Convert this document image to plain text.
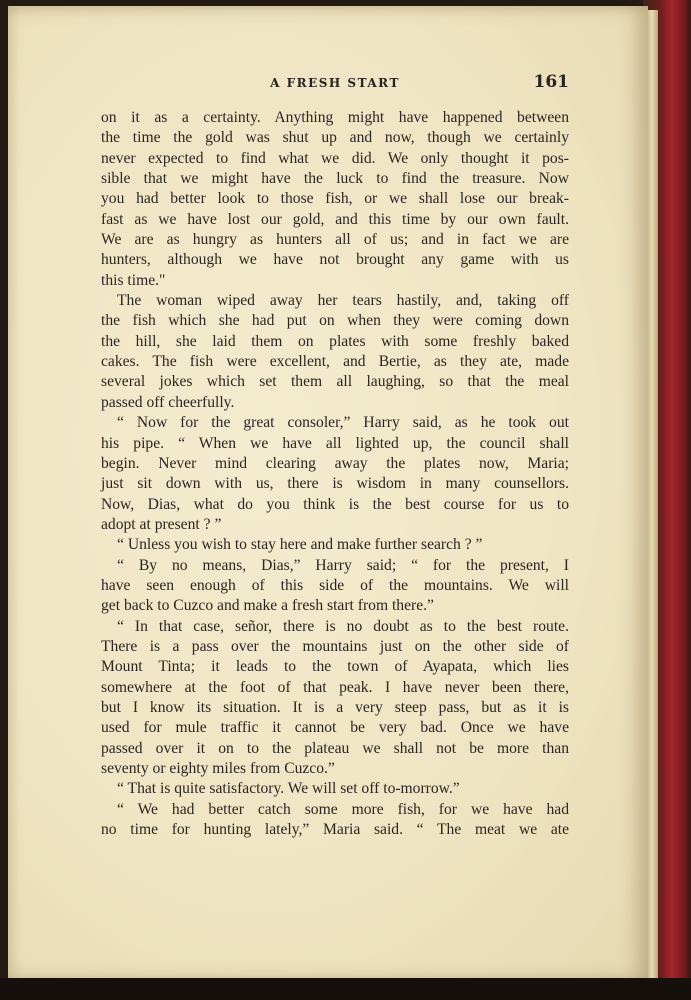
A FRESH START	161
on it as a certainty. Anything might have happened between
the time the gold was shut up and now, though we certainly
never expected to find what we did. We only thought it pos-
sible that we might have the luck to find the treasure. Now
you had better look to those fish, or we shall lose our break-
fast as we have lost our gold, and this time by our own fault.
We are as hungry as hunters all of us; and in fact we are
hunters, although we have not brought any game with us
this time."
The woman wiped away her tears hastily, and, taking off
the fish which she had put on when they were coming down
the hill, she laid them on plates with some freshly baked
cakes. The fish were excellent, and Bertie, as they ate, made
several jokes which set them all laughing, so that the meal
passed off cheerfully.
“ Now for the great consoler,” Harry said, as he took out
his pipe. “ When we have all lighted up, the council shall
begin. Never mind clearing away the plates now, Maria;
just sit down with us, there is wisdom in many counsellors.
Now, Dias, what do you think is the best course for us to
adopt at present ? ”
“ Unless you wish to stay here and make further search ? ”
“ By no means, Dias,” Harry said; “ for the present, I
have seen enough of this side of the mountains. We will
get back to Cuzco and make a fresh start from there.”
“ In that case, señor, there is no doubt as to the best route.
There is a pass over the mountains just on the other side of
Mount Tinta; it leads to the town of Ayapata, which lies
somewhere at the foot of that peak. I have never been there,
but I know its situation. It is a very steep pass, but as it is
used for mule traffic it cannot be very bad. Once we have
passed over it on to the plateau we shall not be more than
seventy or eighty miles from Cuzco.”
“ That is quite satisfactory. We will set off to-morrow.”
“ We had better catch some more fish, for we have had
no time for hunting lately,” Maria said. “ The meat we ate
